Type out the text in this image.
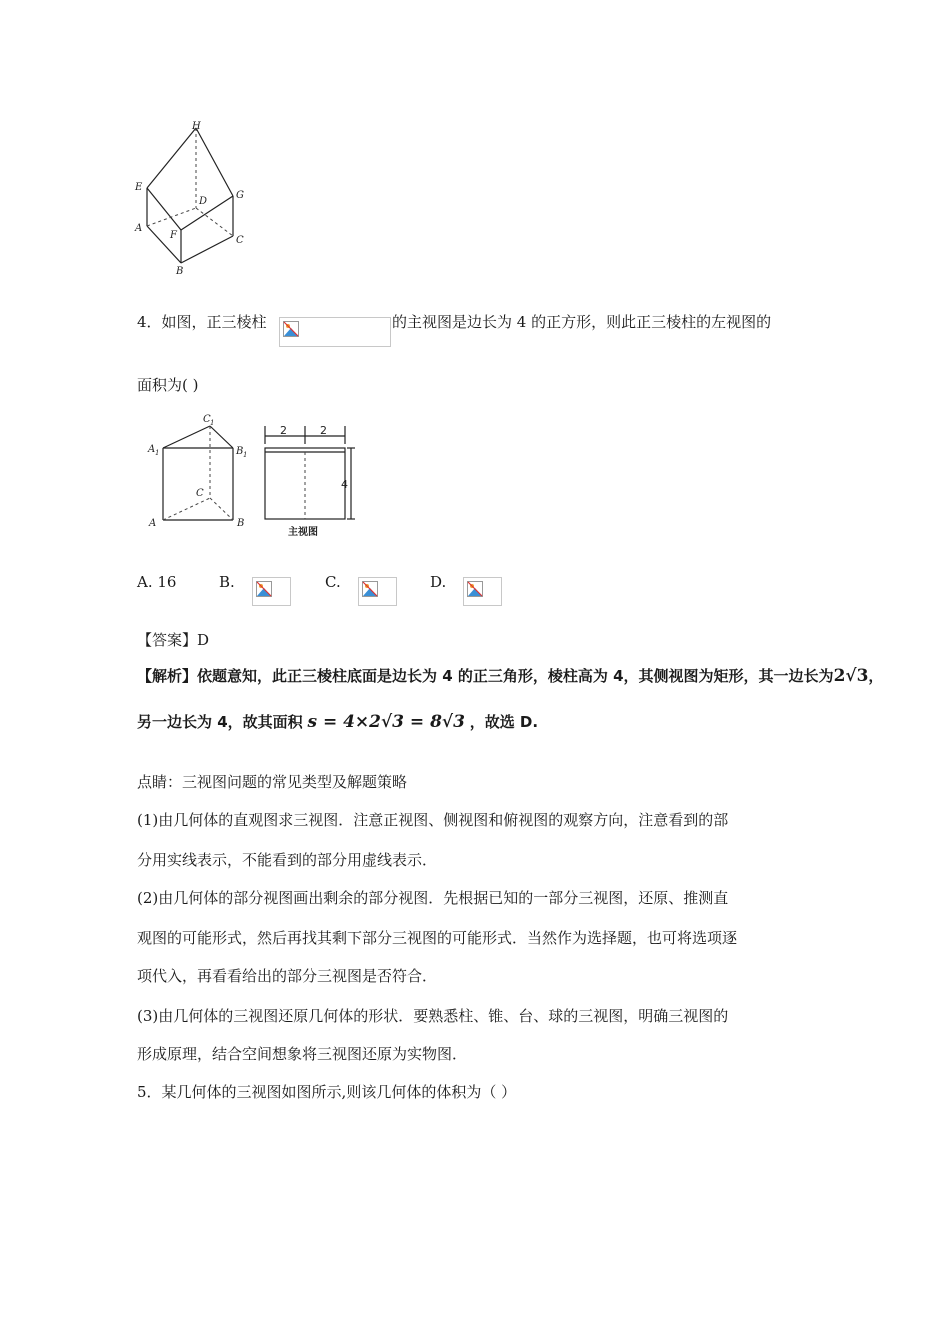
H
E
G
D
A
F	C
B
4．如图，正三棱柱	的主视图是边长为 4 的正方形，则此正三棱柱的左视图的
面积为( )
C 1
A 1	B 1
C
A	B
2	2
4
主视图
A. 16	B.	C.	D.
【答案】D
【解析】依题意知，此正三棱柱底面是边长为 4 的正三角形，棱柱高为 4，其侧视图为矩形，其一边长为2√3，
另一边长为 4，故其面积 s = 4×2√3 = 8√3 ，故选 D.
点睛：三视图问题的常见类型及解题策略
(1)由几何体的直观图求三视图．注意正视图、侧视图和俯视图的观察方向，注意看到的部
分用实线表示，不能看到的部分用虚线表示．
(2)由几何体的部分视图画出剩余的部分视图．先根据已知的一部分三视图，还原、推测直
观图的可能形式，然后再找其剩下部分三视图的可能形式．当然作为选择题，也可将选项逐
项代入，再看看给出的部分三视图是否符合．
(3)由几何体的三视图还原几何体的形状．要熟悉柱、锥、台、球的三视图，明确三视图的
形成原理，结合空间想象将三视图还原为实物图．
5．某几何体的三视图如图所示,则该几何体的体积为（ ）
